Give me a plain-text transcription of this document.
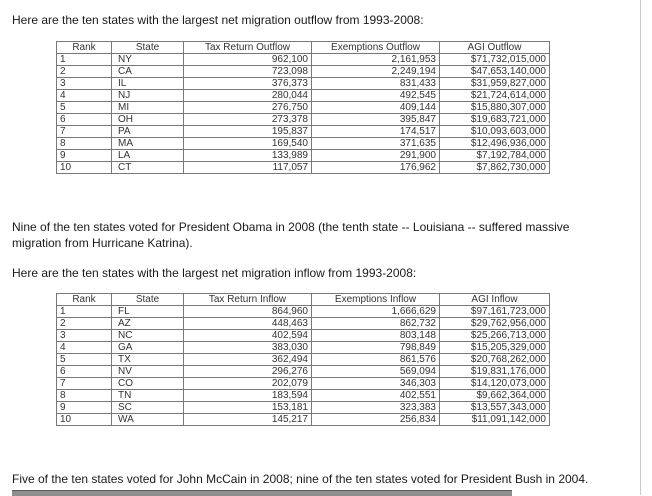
Here are the ten states with the largest net migration outflow from 1993-2008:

Rank	State	Tax Return Outflow	Exemptions Outflow	AGI Outflow
1	NY	962,100	2,161,953	$71,732,015,000
2	CA	723,098	2,249,194	$47,653,140,000
3	IL	376,373	831,433	$31,959,827,000
4	NJ	280,044	492,545	$21,724,614,000
5	MI	276,750	409,144	$15,880,307,000
6	OH	273,378	395,847	$19,683,721,000
7	PA	195,837	174,517	$10,093,603,000
8	MA	169,540	371,635	$12,496,936,000
9	LA	133,989	291,900	$7,192,784,000
10	CT	117,057	176,962	$7,862,730,000

Nine of the ten states voted for President Obama in 2008 (the tenth state -- Louisiana -- suffered massive migration from Hurricane Katrina).

Here are the ten states with the largest net migration inflow from 1993-2008:

Rank	State	Tax Return Inflow	Exemptions Inflow	AGI Inflow
1	FL	864,960	1,666,629	$97,161,723,000
2	AZ	448,463	862,732	$29,762,956,000
3	NC	402,594	803,148	$25,266,713,000
4	GA	383,030	798,849	$15,205,329,000
5	TX	362,494	861,576	$20,768,262,000
6	NV	296,276	569,094	$19,831,176,000
7	CO	202,079	346,303	$14,120,073,000
8	TN	183,594	402,551	$9,662,364,000
9	SC	153,181	323,383	$13,557,343,000
10	WA	145,217	256,834	$11,091,142,000

Five of the ten states voted for John McCain in 2008; nine of the ten states voted for President Bush in 2004.
